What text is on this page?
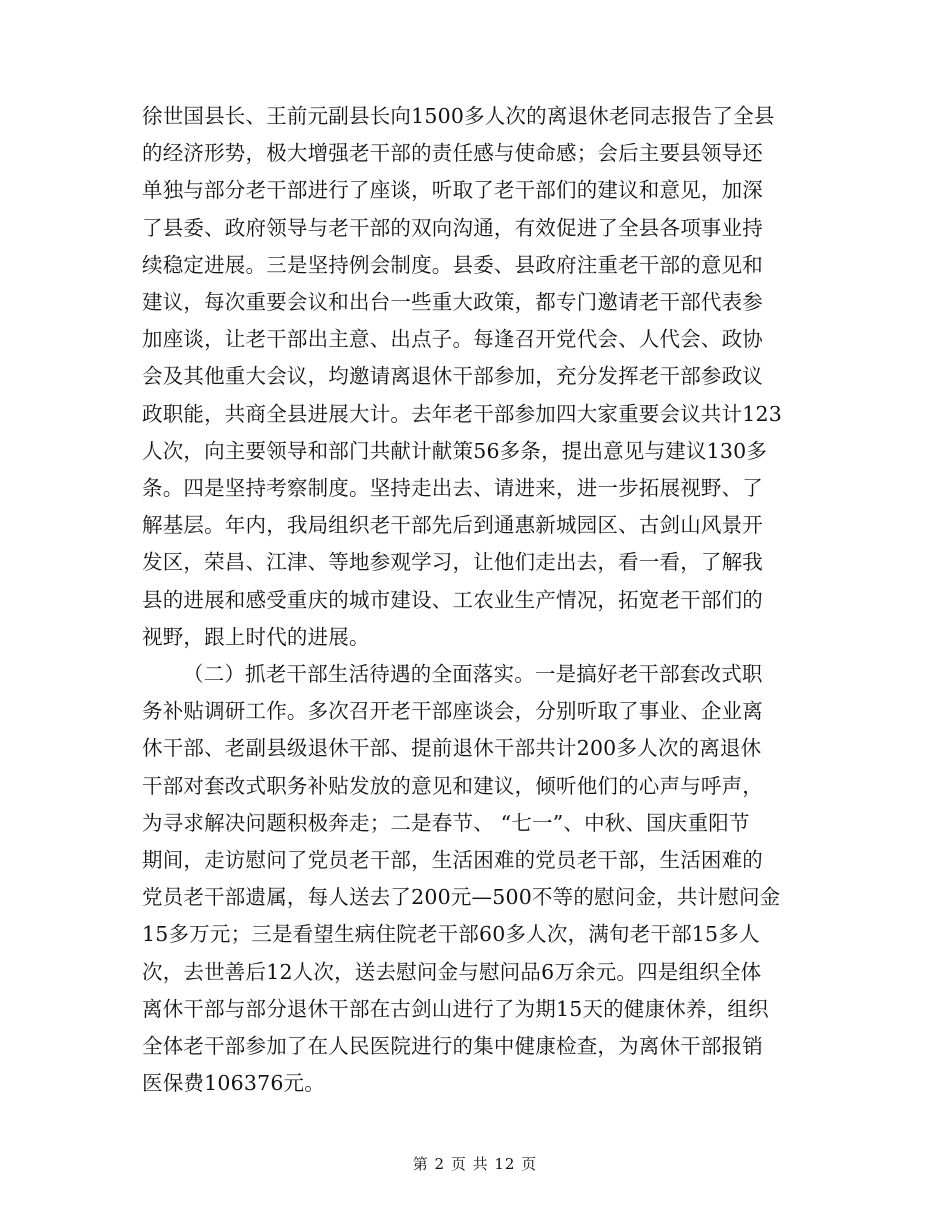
徐世国县长、王前元副县长向1500多人次的离退休老同志报告了全县
的经济形势，极大增强老干部的责任感与使命感；会后主要县领导还
单独与部分老干部进行了座谈，听取了老干部们的建议和意见，加深
了县委、政府领导与老干部的双向沟通，有效促进了全县各项事业持
续稳定进展。三是坚持例会制度。县委、县政府注重老干部的意见和
建议，每次重要会议和出台一些重大政策，都专门邀请老干部代表参
加座谈，让老干部出主意、出点子。每逢召开党代会、人代会、政协
会及其他重大会议，均邀请离退休干部参加，充分发挥老干部参政议
政职能，共商全县进展大计。去年老干部参加四大家重要会议共计123
人次，向主要领导和部门共献计献策56多条，提出意见与建议130多
条。四是坚持考察制度。坚持走出去、请进来，进一步拓展视野、了
解基层。年内，我局组织老干部先后到通惠新城园区、古剑山风景开
发区，荣昌、江津、等地参观学习，让他们走出去，看一看，了解我
县的进展和感受重庆的城市建设、工农业生产情况，拓宽老干部们的
视野，跟上时代的进展。

（二）抓老干部生活待遇的全面落实。一是搞好老干部套改式职
务补贴调研工作。多次召开老干部座谈会，分别听取了事业、企业离
休干部、老副县级退休干部、提前退休干部共计200多人次的离退休
干部对套改式职务补贴发放的意见和建议，倾听他们的心声与呼声，
为寻求解决问题积极奔走；二是春节、 “七一”、中秋、国庆重阳节
期间，走访慰问了党员老干部，生活困难的党员老干部，生活困难的
党员老干部遗属，每人送去了200元—500不等的慰问金，共计慰问金
15多万元；三是看望生病住院老干部60多人次，满旬老干部15多人
次，去世善后12人次，送去慰问金与慰问品6万余元。四是组织全体
离休干部与部分退休干部在古剑山进行了为期15天的健康休养，组织
全体老干部参加了在人民医院进行的集中健康检查，为离休干部报销
医保费106376元。

第 2 页 共 12 页
